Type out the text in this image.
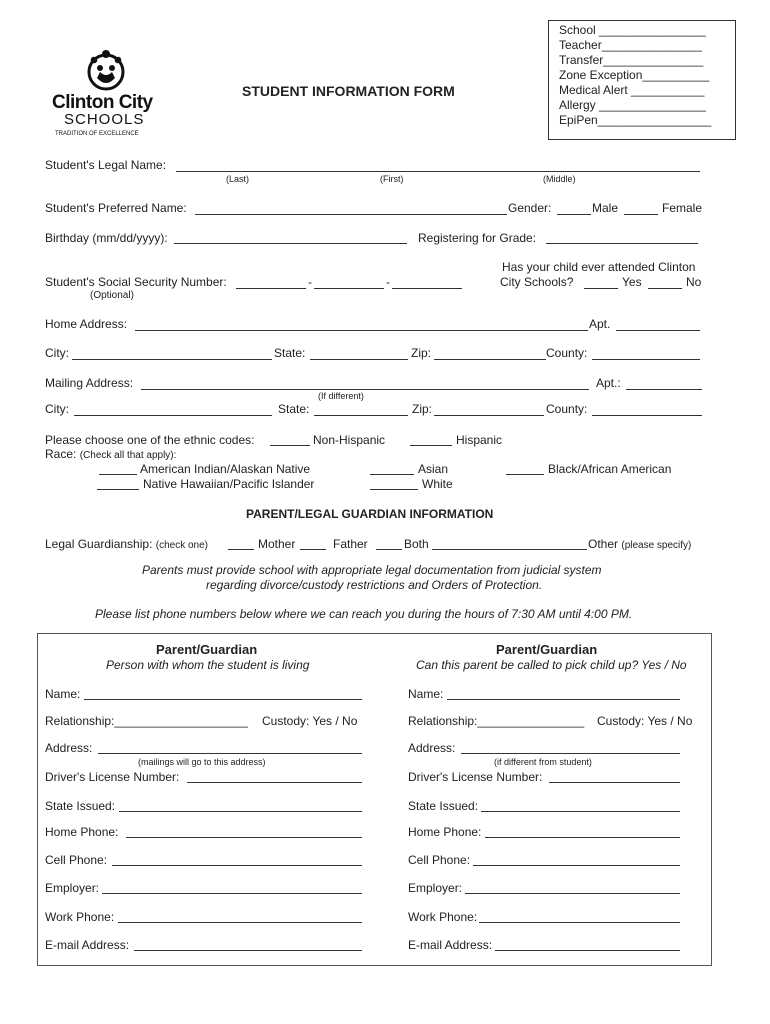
Clinton City
SCHOOLS
TRADITION OF EXCELLENCE
STUDENT INFORMATION FORM
School ________________
Teacher_______________
Transfer_______________
Zone Exception__________
Medical Alert ___________
Allergy ________________
EpiPen_________________
Student's Legal Name:
(Last)	(First)	(Middle)
Student's Preferred Name:	Gender:	Male	Female
Birthday (mm/dd/yyyy):	Registering for Grade:
Has your child ever attended Clinton
City Schools?	Yes	No
Student's Social Security Number:	-	-
(Optional)
Home Address:	Apt.
City:	State:	Zip:	County:
Mailing Address:	Apt.:
(If different)
City:	State:	Zip:	County:
Please choose one of the ethnic codes:	Non-Hispanic	Hispanic
Race: (Check all that apply):
American Indian/Alaskan Native
Native Hawaiian/Pacific Islander
Asian
White
Black/African American
PARENT/LEGAL GUARDIAN INFORMATION
Legal Guardianship: (check one)	Mother	Father	Both	Other (please specify)
Parents must provide school with appropriate legal documentation from judicial system
regarding divorce/custody restrictions and Orders of Protection.
Please list phone numbers below where we can reach you during the hours of 7:30 AM until 4:00 PM.
Parent/Guardian
Person with whom the student is living
Name:
Relationship:____________________ Custody: Yes / No
Address:
(mailings will go to this address)
Driver's License Number:
State Issued:
Home Phone:
Cell Phone:
Employer:
Work Phone:
E-mail Address:
Parent/Guardian
Can this parent be called to pick child up? Yes / No
Name:
Relationship:________________ Custody: Yes / No
Address:
(if different from student)
Driver's License Number:
State Issued:
Home Phone:
Cell Phone:
Employer:
Work Phone:
E-mail Address:
